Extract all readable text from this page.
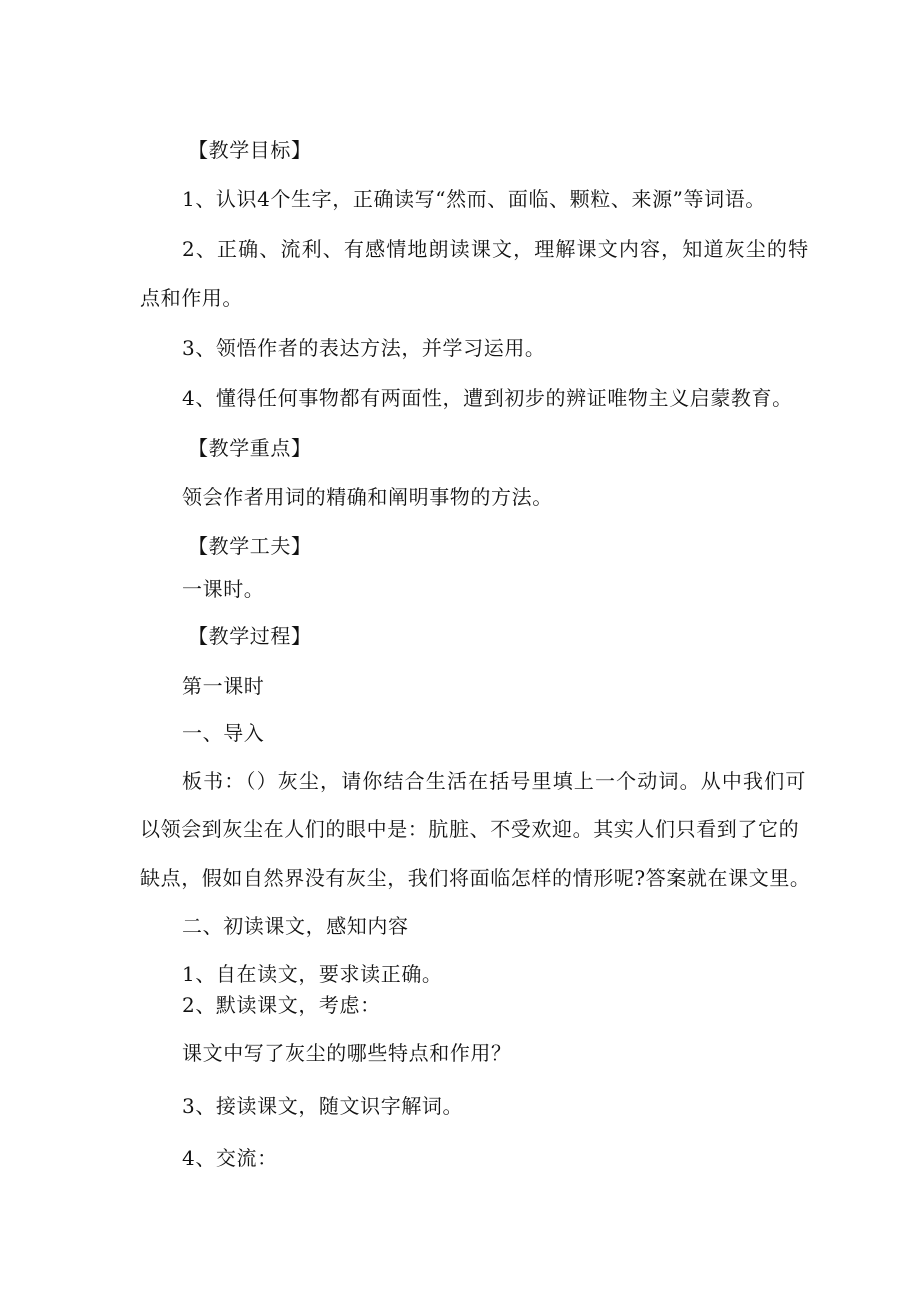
【教学目标】
1、认识4个生字，正确读写“然而、面临、颗粒、来源”等词语。
2、正确、流利、有感情地朗读课文，理解课文内容，知道灰尘的特
点和作用。
3、领悟作者的表达方法，并学习运用。
4、懂得任何事物都有两面性，遭到初步的辨证唯物主义启蒙教育。
【教学重点】
领会作者用词的精确和阐明事物的方法。
【教学工夫】
一课时。
【教学过程】
第一课时
一、导入
板书：（）灰尘，请你结合生活在括号里填上一个动词。从中我们可
以领会到灰尘在人们的眼中是：肮脏、不受欢迎。其实人们只看到了它的
缺点，假如自然界没有灰尘，我们将面临怎样的情形呢?答案就在课文里。
二、初读课文，感知内容
1、自在读文，要求读正确。
2、默读课文，考虑：
课文中写了灰尘的哪些特点和作用？
3、接读课文，随文识字解词。
4、交流：
